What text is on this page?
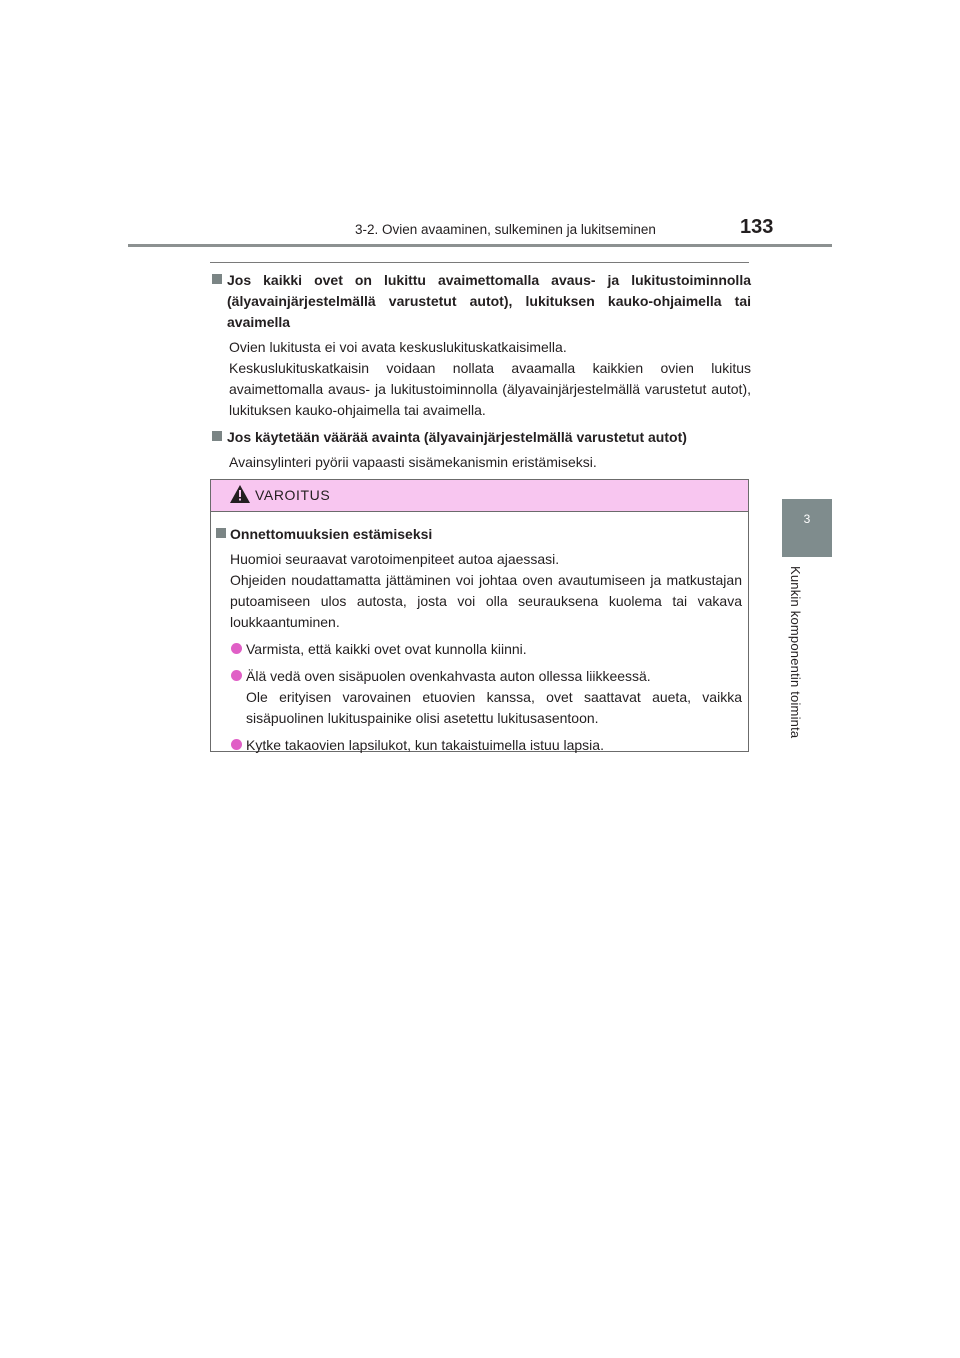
3-2. Ovien avaaminen, sulkeminen ja lukitseminen	133
3
Kunkin komponentin toiminta
Jos kaikki ovet on lukittu avaimettomalla avaus- ja lukitustoiminnolla (älyavainjärjestelmällä varustetut autot), lukituksen kauko-ohjaimella tai avaimella

Ovien lukitusta ei voi avata keskuslukituskatkaisimella.

Keskuslukituskatkaisin voidaan nollata avaamalla kaikkien ovien lukitus avaimettomalla avaus- ja lukitustoiminnolla (älyavainjärjestelmällä varustetut autot), lukituksen kauko-ohjaimella tai avaimella.

Jos käytetään väärää avainta (älyavainjärjestelmällä varustetut autot)

Avainsylinteri pyörii vapaasti sisämekanismin eristämiseksi.

VAROITUS
Onnettomuuksien estämiseksi

Huomioi seuraavat varotoimenpiteet autoa ajaessasi.

Ohjeiden noudattamatta jättäminen voi johtaa oven avautumiseen ja matkustajan putoamiseen ulos autosta, josta voi olla seurauksena kuolema tai vakava loukkaantuminen.

Varmista, että kaikki ovet ovat kunnolla kiinni.

Älä vedä oven sisäpuolen ovenkahvasta auton ollessa liikkeessä.

Ole erityisen varovainen etuovien kanssa, ovet saattavat aueta, vaikka sisäpuolinen lukituspainike olisi asetettu lukitusasentoon.

Kytke takaovien lapsilukot, kun takaistuimella istuu lapsia.
